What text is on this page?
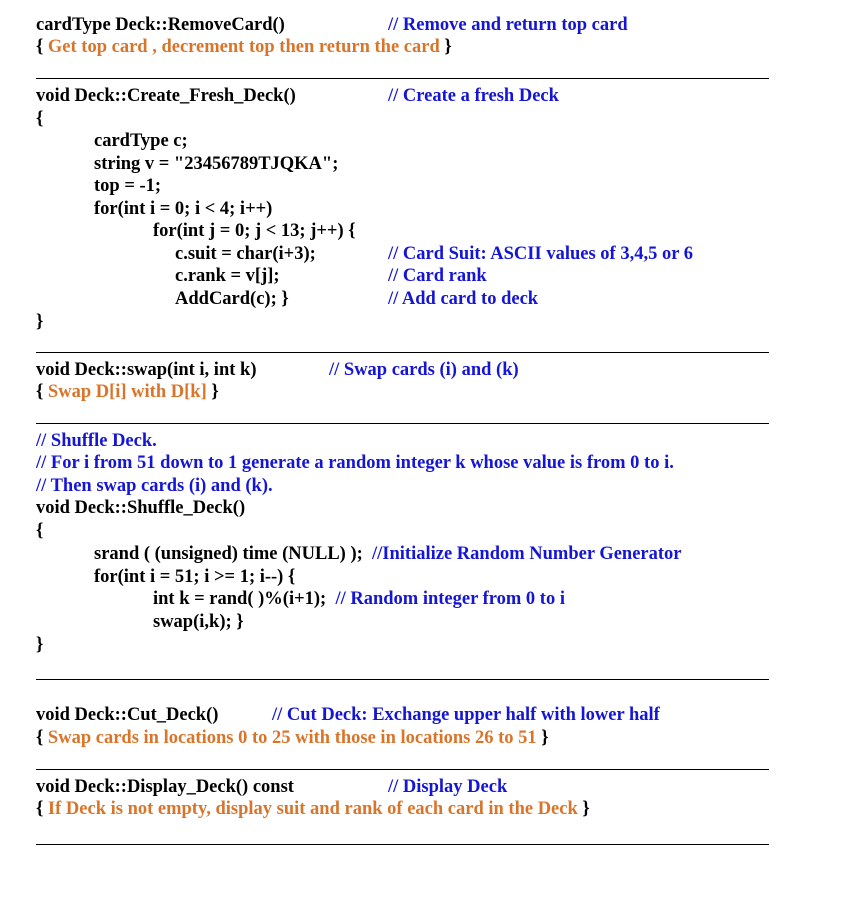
cardType Deck::RemoveCard()	// Remove and return top card
{ Get top card , decrement top then return the card }
void Deck::Create_Fresh_Deck()	// Create a fresh Deck
{
cardType c;
string v = "23456789TJQKA";
top = -1;
for(int i = 0; i < 4; i++)
for(int j = 0; j < 13; j++) {
c.suit = char(i+3);	// Card Suit: ASCII values of 3,4,5 or 6
c.rank = v[j];	// Card rank
AddCard(c); }	// Add card to deck
}
void Deck::swap(int i, int k)	// Swap cards (i) and (k)
{ Swap D[i] with D[k] }
// Shuffle Deck.
// For i from 51 down to 1 generate a random integer k whose value is from 0 to i.
// Then swap cards (i) and (k).
void Deck::Shuffle_Deck()
{
srand ( (unsigned) time (NULL) );  //Initialize Random Number Generator
for(int i = 51; i >= 1; i--) {
int k = rand( )%(i+1);  // Random integer from 0 to i
swap(i,k); }
}
void Deck::Cut_Deck()	// Cut Deck: Exchange upper half with lower half
{ Swap cards in locations 0 to 25 with those in locations 26 to 51 }
void Deck::Display_Deck() const	// Display Deck
{ If Deck is not empty, display suit and rank of each card in the Deck }
